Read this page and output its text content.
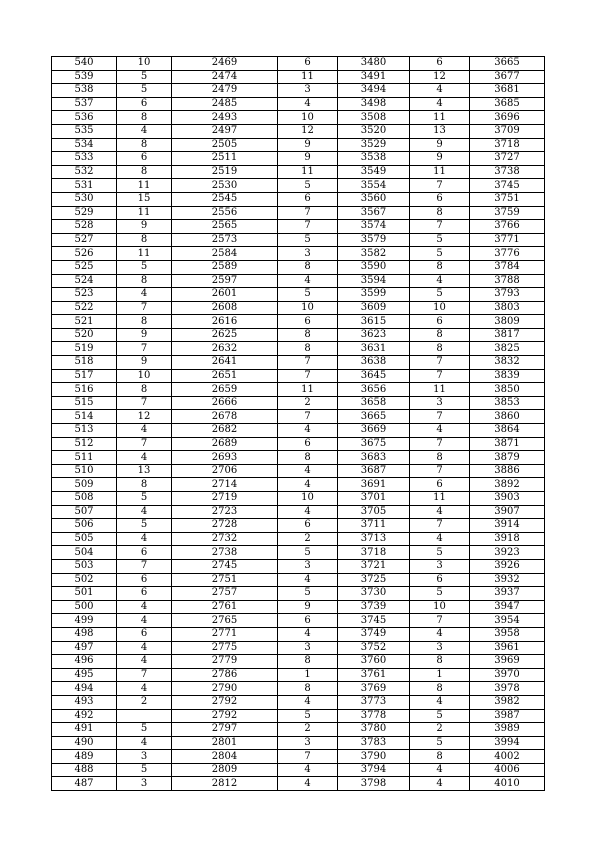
540	10	2469	6	3480	6	3665
539	5	2474	11	3491	12	3677
538	5	2479	3	3494	4	3681
537	6	2485	4	3498	4	3685
536	8	2493	10	3508	11	3696
535	4	2497	12	3520	13	3709
534	8	2505	9	3529	9	3718
533	6	2511	9	3538	9	3727
532	8	2519	11	3549	11	3738
531	11	2530	5	3554	7	3745
530	15	2545	6	3560	6	3751
529	11	2556	7	3567	8	3759
528	9	2565	7	3574	7	3766
527	8	2573	5	3579	5	3771
526	11	2584	3	3582	5	3776
525	5	2589	8	3590	8	3784
524	8	2597	4	3594	4	3788
523	4	2601	5	3599	5	3793
522	7	2608	10	3609	10	3803
521	8	2616	6	3615	6	3809
520	9	2625	8	3623	8	3817
519	7	2632	8	3631	8	3825
518	9	2641	7	3638	7	3832
517	10	2651	7	3645	7	3839
516	8	2659	11	3656	11	3850
515	7	2666	2	3658	3	3853
514	12	2678	7	3665	7	3860
513	4	2682	4	3669	4	3864
512	7	2689	6	3675	7	3871
511	4	2693	8	3683	8	3879
510	13	2706	4	3687	7	3886
509	8	2714	4	3691	6	3892
508	5	2719	10	3701	11	3903
507	4	2723	4	3705	4	3907
506	5	2728	6	3711	7	3914
505	4	2732	2	3713	4	3918
504	6	2738	5	3718	5	3923
503	7	2745	3	3721	3	3926
502	6	2751	4	3725	6	3932
501	6	2757	5	3730	5	3937
500	4	2761	9	3739	10	3947
499	4	2765	6	3745	7	3954
498	6	2771	4	3749	4	3958
497	4	2775	3	3752	3	3961
496	4	2779	8	3760	8	3969
495	7	2786	1	3761	1	3970
494	4	2790	8	3769	8	3978
493	2	2792	4	3773	4	3982
492		2792	5	3778	5	3987
491	5	2797	2	3780	2	3989
490	4	2801	3	3783	5	3994
489	3	2804	7	3790	8	4002
488	5	2809	4	3794	4	4006
487	3	2812	4	3798	4	4010
